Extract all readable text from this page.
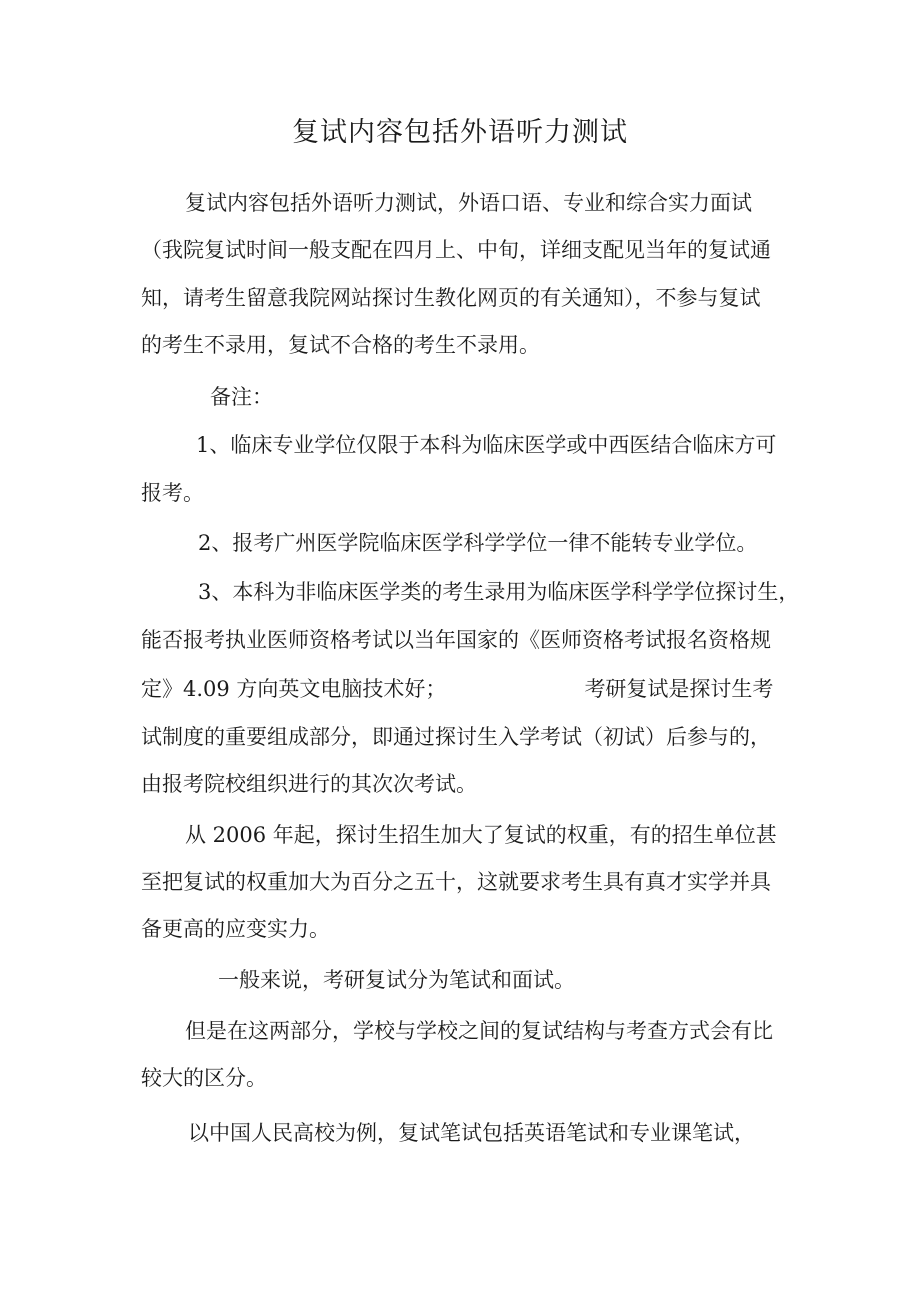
复试内容包括外语听力测试
复试内容包括外语听力测试，外语口语、专业和综合实力面试
（我院复试时间一般支配在四月上、中旬，详细支配见当年的复试通
知，请考生留意我院网站探讨生教化网页的有关通知），不参与复试
的考生不录用，复试不合格的考生不录用。
备注：
1、临床专业学位仅限于本科为临床医学或中西医结合临床方可
报考。
2、报考广州医学院临床医学科学学位一律不能转专业学位。
3、本科为非临床医学类的考生录用为临床医学科学学位探讨生，
能否报考执业医师资格考试以当年国家的《医师资格考试报名资格规
定》4.09 方向英文电脑技术好；	考研复试是探讨生考
试制度的重要组成部分，即通过探讨生入学考试（初试）后参与的，
由报考院校组织进行的其次次考试。
从 2006 年起，探讨生招生加大了复试的权重，有的招生单位甚
至把复试的权重加大为百分之五十，这就要求考生具有真才实学并具
备更高的应变实力。
一般来说，考研复试分为笔试和面试。
但是在这两部分，学校与学校之间的复试结构与考查方式会有比
较大的区分。
以中国人民高校为例，复试笔试包括英语笔试和专业课笔试，
